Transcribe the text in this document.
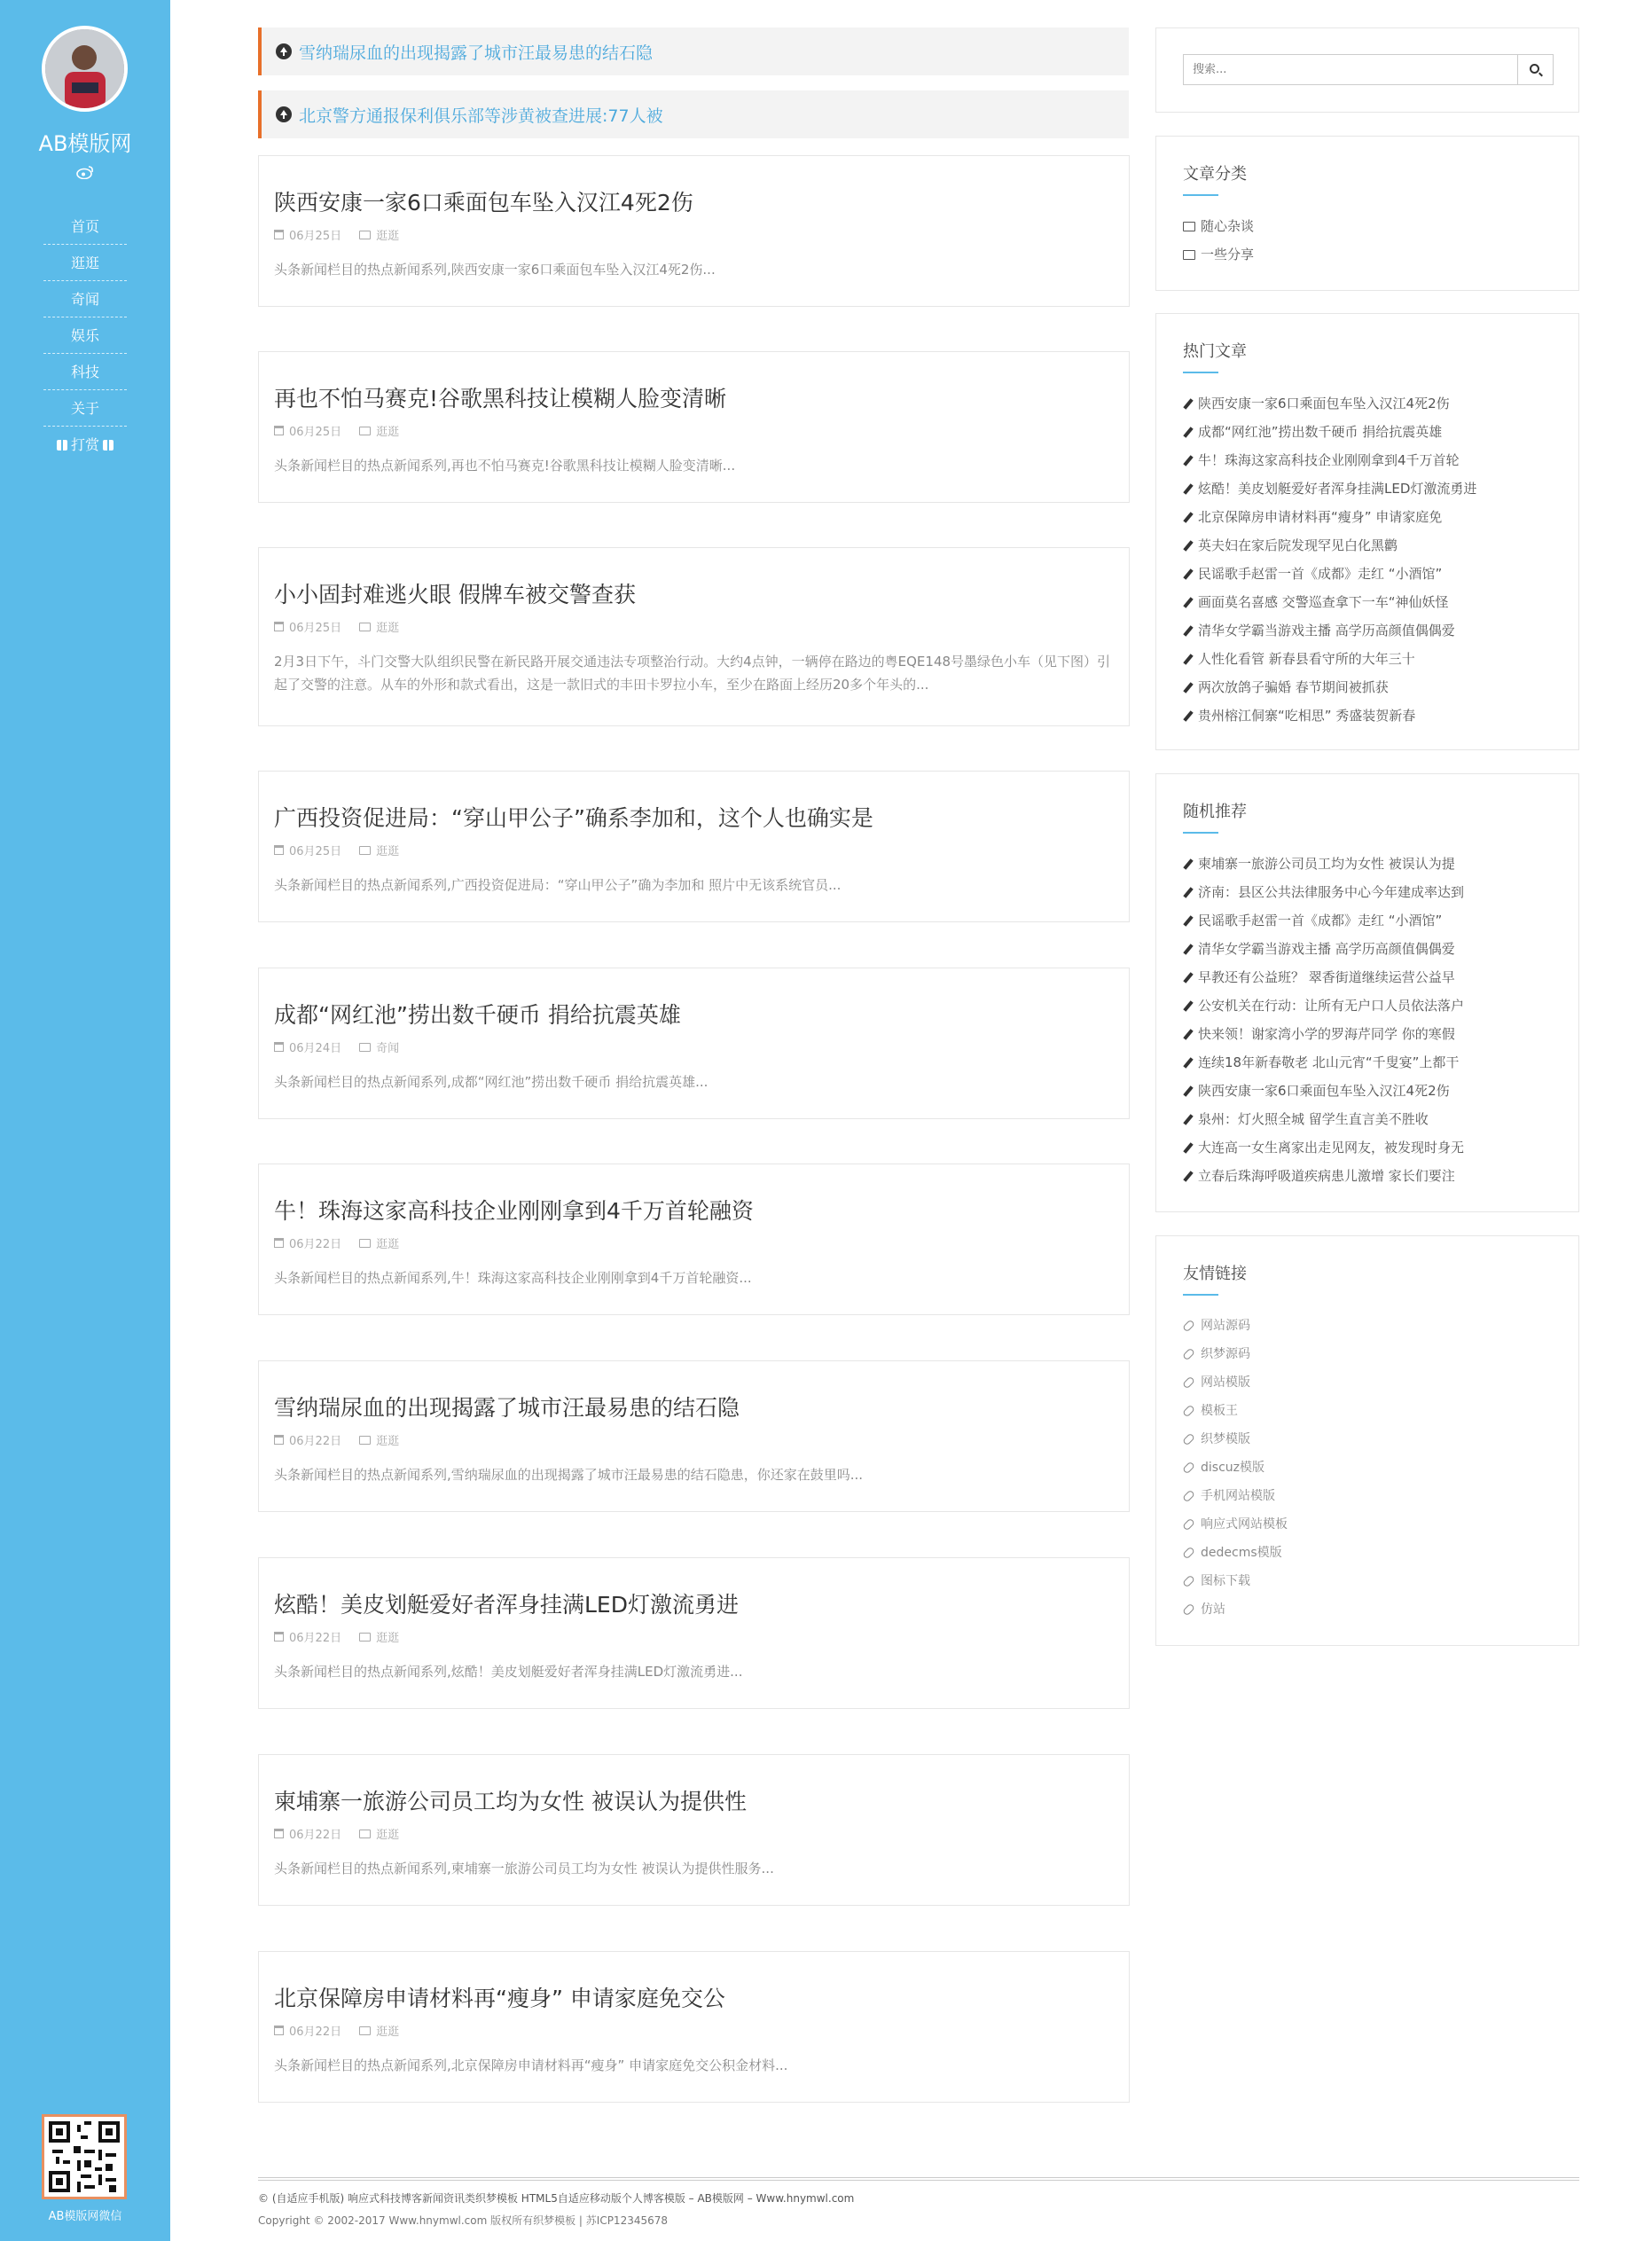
AB模版网
首页
逛逛
奇闻
娱乐
科技
关于
打赏
AB模版网微信
雪纳瑞尿血的出现揭露了城市汪最易患的结石隐
北京警方通报保利俱乐部等涉黄被查进展:77人被
陕西安康一家6口乘面包车坠入汉江4死2伤
06月25日	逛逛
头条新闻栏目的热点新闻系列,陕西安康一家6口乘面包车坠入汉江4死2伤...
再也不怕马赛克!谷歌黑科技让模糊人脸变清晰
06月25日	逛逛
头条新闻栏目的热点新闻系列,再也不怕马赛克!谷歌黑科技让模糊人脸变清晰...
小小固封难逃火眼 假牌车被交警查获
06月25日	逛逛
2月3日下午，斗门交警大队组织民警在新民路开展交通违法专项整治行动。大约4点钟，一辆停在路边的粤EQE148号墨绿色小车（见下图）引起了交警的注意。从车的外形和款式看出，这是一款旧式的丰田卡罗拉小车，至少在路面上经历20多个年头的...
广西投资促进局：“穿山甲公子”确系李加和，这个人也确实是
06月25日	逛逛
头条新闻栏目的热点新闻系列,广西投资促进局：“穿山甲公子”确为李加和 照片中无该系统官员...
成都“网红池”捞出数千硬币 捐给抗震英雄
06月24日	奇闻
头条新闻栏目的热点新闻系列,成都“网红池”捞出数千硬币 捐给抗震英雄...
牛！珠海这家高科技企业刚刚拿到4千万首轮融资
06月22日	逛逛
头条新闻栏目的热点新闻系列,牛！珠海这家高科技企业刚刚拿到4千万首轮融资...
雪纳瑞尿血的出现揭露了城市汪最易患的结石隐
06月22日	逛逛
头条新闻栏目的热点新闻系列,雪纳瑞尿血的出现揭露了城市汪最易患的结石隐患，你还家在鼓里吗...
炫酷！美皮划艇爱好者浑身挂满LED灯激流勇进
06月22日	逛逛
头条新闻栏目的热点新闻系列,炫酷！美皮划艇爱好者浑身挂满LED灯激流勇进...
柬埔寨一旅游公司员工均为女性 被误认为提供性
06月22日	逛逛
头条新闻栏目的热点新闻系列,柬埔寨一旅游公司员工均为女性 被误认为提供性服务...
北京保障房申请材料再“瘦身” 申请家庭免交公
06月22日	逛逛
头条新闻栏目的热点新闻系列,北京保障房申请材料再“瘦身” 申请家庭免交公积金材料...
搜索...
文章分类
随心杂谈
一些分享
热门文章
陕西安康一家6口乘面包车坠入汉江4死2伤
成都“网红池”捞出数千硬币 捐给抗震英雄
牛！珠海这家高科技企业刚刚拿到4千万首轮
炫酷！美皮划艇爱好者浑身挂满LED灯激流勇进
北京保障房申请材料再“瘦身” 申请家庭免
英夫妇在家后院发现罕见白化黑鹳
民谣歌手赵雷一首《成都》走红 “小酒馆”
画面莫名喜感 交警巡查拿下一车“神仙妖怪
清华女学霸当游戏主播 高学历高颜值偶偶爱
人性化看管 新春县看守所的大年三十
两次放鸽子骗婚 春节期间被抓获
贵州榕江侗寨“吃相思” 秀盛装贺新春
随机推荐
柬埔寨一旅游公司员工均为女性 被误认为提
济南：县区公共法律服务中心今年建成率达到
民谣歌手赵雷一首《成都》走红 “小酒馆”
清华女学霸当游戏主播 高学历高颜值偶偶爱
早教还有公益班？ 翠香街道继续运营公益早
公安机关在行动：让所有无户口人员依法落户
快来领！谢家湾小学的罗海芹同学 你的寒假
连续18年新春敬老 北山元宵“千叟宴”上都干
陕西安康一家6口乘面包车坠入汉江4死2伤
泉州：灯火照全城 留学生直言美不胜收
大连高一女生离家出走见网友，被发现时身无
立春后珠海呼吸道疾病患儿激增 家长们要注
友情链接
网站源码
织梦源码
网站模版
模板王
织梦模版
discuz模版
手机网站模版
响应式网站模板
dedecms模版
图标下载
仿站
© (自适应手机版) 响应式科技博客新闻资讯类织梦模板 HTML5自适应移动版个人博客模版 – AB模版网 – Www.hnymwl.com
Copyright © 2002-2017 Www.hnymwl.com 版权所有织梦模板 | 苏ICP12345678
